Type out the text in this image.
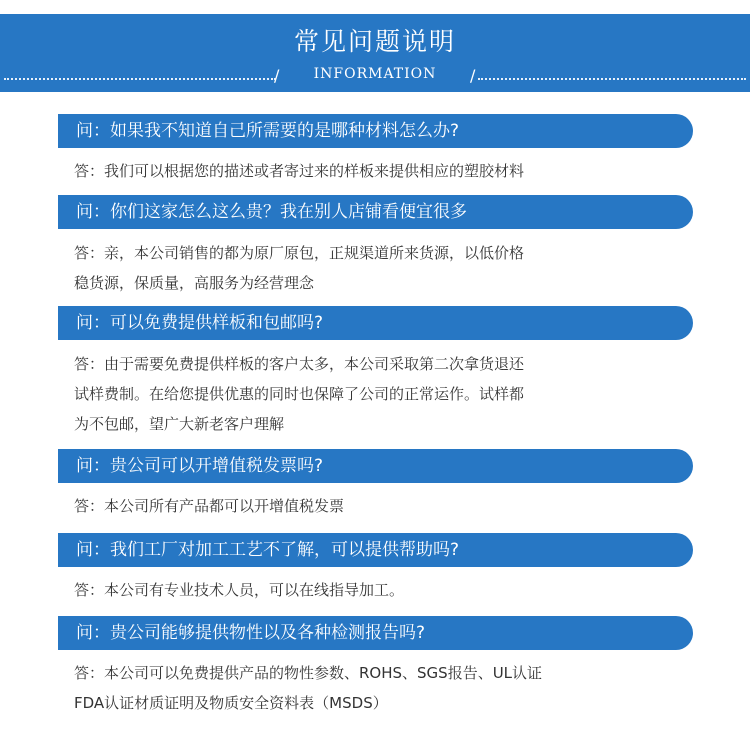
常见问题说明
/	INFORMATION	/
问：如果我不知道自己所需要的是哪种材料怎么办?
答：我们可以根据您的描述或者寄过来的样板来提供相应的塑胶材料
问：你们这家怎么这么贵？我在别人店铺看便宜很多
答：亲，本公司销售的都为原厂原包，正规渠道所来货源，以低价格
稳货源，保质量，高服务为经营理念
问：可以免费提供样板和包邮吗?
答：由于需要免费提供样板的客户太多，本公司采取第二次拿货退还
试样费制。在给您提供优惠的同时也保障了公司的正常运作。试样都
为不包邮，望广大新老客户理解
问：贵公司可以开增值税发票吗?
答：本公司所有产品都可以开增值税发票
问：我们工厂对加工工艺不了解，可以提供帮助吗?
答：本公司有专业技术人员，可以在线指导加工。
问：贵公司能够提供物性以及各种检测报告吗?
答：本公司可以免费提供产品的物性参数、ROHS、SGS报告、UL认证
FDA认证材质证明及物质安全资料表（MSDS）
